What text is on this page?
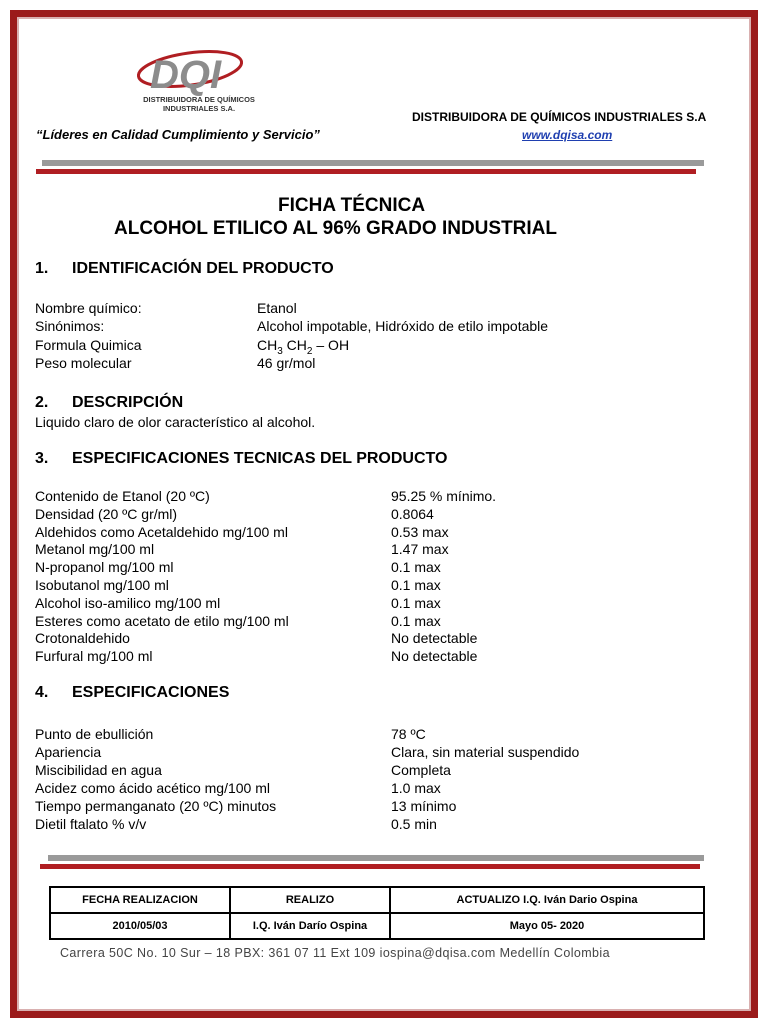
DQI
DISTRIBUIDORA DE QUÍMICOS INDUSTRIALES S.A.
“Líderes en Calidad Cumplimiento y Servicio”
DISTRIBUIDORA DE QUÍMICOS INDUSTRIALES S.A
www.dqisa.com
FICHA TÉCNICA
ALCOHOL ETILICO AL 96% GRADO INDUSTRIAL
1. IDENTIFICACIÓN DEL PRODUCTO
Nombre químico:	Etanol
Sinónimos:	Alcohol impotable, Hidróxido de etilo impotable
Formula Quimica	$CH_3$ $CH_2$ – OH
Peso molecular	46 gr/mol
2. DESCRIPCIÓN
Liquido claro de olor característico al alcohol.
3. ESPECIFICACIONES TECNICAS DEL PRODUCTO
Contenido de Etanol (20 ºC)	95.25 % mínimo.
Densidad (20 ºC gr/ml)	0.8064
Aldehidos como Acetaldehido mg/100 ml	0.53 max
Metanol mg/100 ml	1.47 max
N-propanol mg/100 ml	0.1 max
Isobutanol mg/100 ml	0.1 max
Alcohol iso-amilico mg/100 ml	0.1 max
Esteres como acetato de etilo mg/100 ml	0.1 max
Crotonaldehido	No detectable
Furfural mg/100 ml	No detectable
4. ESPECIFICACIONES
Punto de ebullición	78 ºC
Apariencia	Clara, sin material suspendido
Miscibilidad en agua	Completa
Acidez como ácido acético mg/100 ml	1.0 max
Tiempo permanganato (20 ºC) minutos	13 mínimo
Dietil ftalato % v/v	0.5 min
FECHA REALIZACION	REALIZO	ACTUALIZO I.Q. Iván Dario Ospina
2010/05/03	I.Q. Iván Darío Ospina	Mayo 05- 2020
Carrera 50C No. 10 Sur – 18 PBX: 361 07 11 Ext 109 iospina@dqisa.com Medellín Colombia
